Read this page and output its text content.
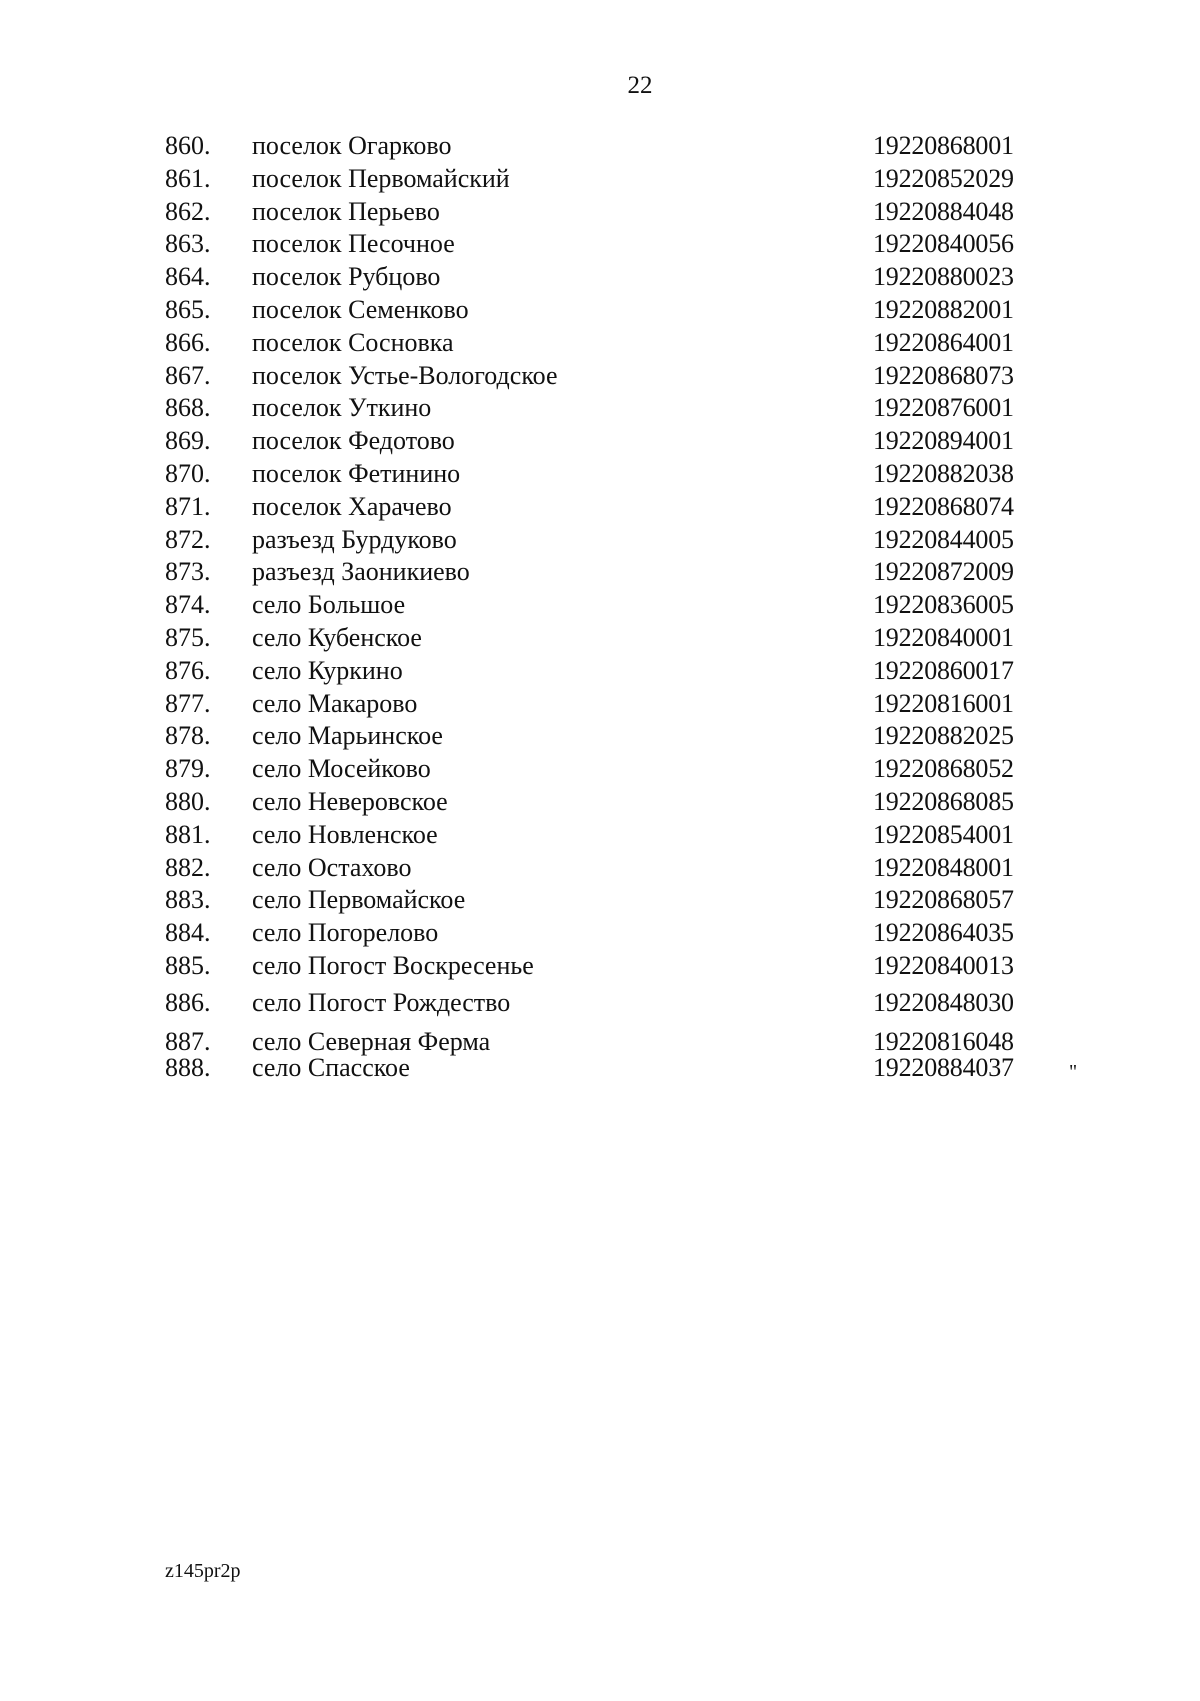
22
860. поселок Огарково	19220868001
861. поселок Первомайский	19220852029
862. поселок Перьево	19220884048
863. поселок Песочное	19220840056
864. поселок Рубцово	19220880023
865. поселок Семенково	19220882001
866. поселок Сосновка	19220864001
867. поселок Устье-Вологодское	19220868073
868. поселок Уткино	19220876001
869. поселок Федотово	19220894001
870. поселок Фетинино	19220882038
871. поселок Харачево	19220868074
872. разъезд Бурдуково	19220844005
873. разъезд Заоникиево	19220872009
874. село Большое	19220836005
875. село Кубенское	19220840001
876. село Куркино	19220860017
877. село Макарово	19220816001
878. село Марьинское	19220882025
879. село Мосейково	19220868052
880. село Неверовское	19220868085
881. село Новленское	19220854001
882. село Остахово	19220848001
883. село Первомайское	19220868057
884. село Погорелово	19220864035
885. село Погост Воскресенье	19220840013
886. село Погост Рождество	19220848030
887. село Северная Ферма	19220816048
888. село Спасское	19220884037	"
z145pr2p
